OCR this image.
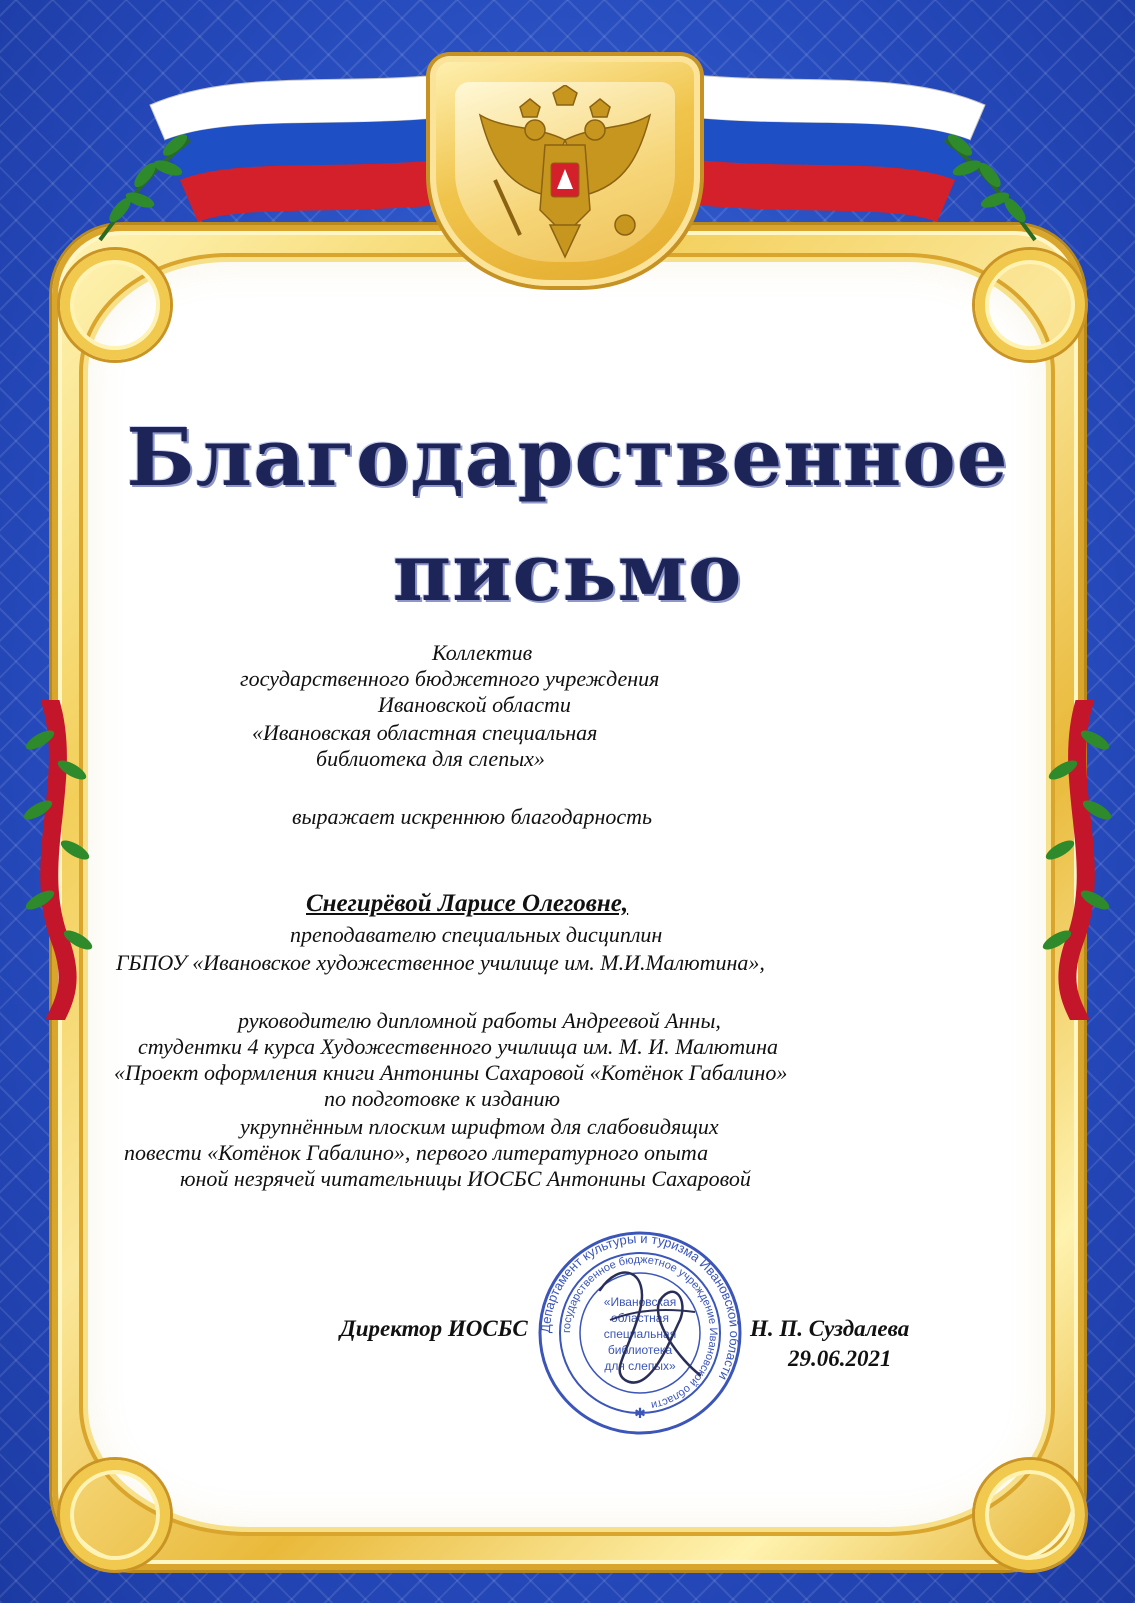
Благодарственное
письмо
Коллектив
государственного бюджетного учреждения
Ивановской области
«Ивановская областная специальная
библиотека для слепых»
выражает искреннюю благодарность
Снегирёвой Ларисе Олеговне,
преподавателю специальных дисциплин
ГБПОУ «Ивановское художественное училище им. М.И.Малютина»,
руководителю дипломной работы Андреевой Анны,
студентки 4 курса Художественного училища им. М. И. Малютина
«Проект оформления книги Антонины Сахаровой «Котёнок Габалино»
по подготовке к изданию
укрупнённым плоским шрифтом для слабовидящих
повести «Котёнок Габалино», первого литературного опыта
юной незрячей читательницы ИОСБС Антонины Сахаровой
Директор ИОСБС	Н. П. Суздалева
29.06.2021
Департамент культуры и туризма Ивановской области
государственное бюджетное учреждение Ивановской области
«Ивановская
областная
специальная
библиотека
для слепых»
✱
